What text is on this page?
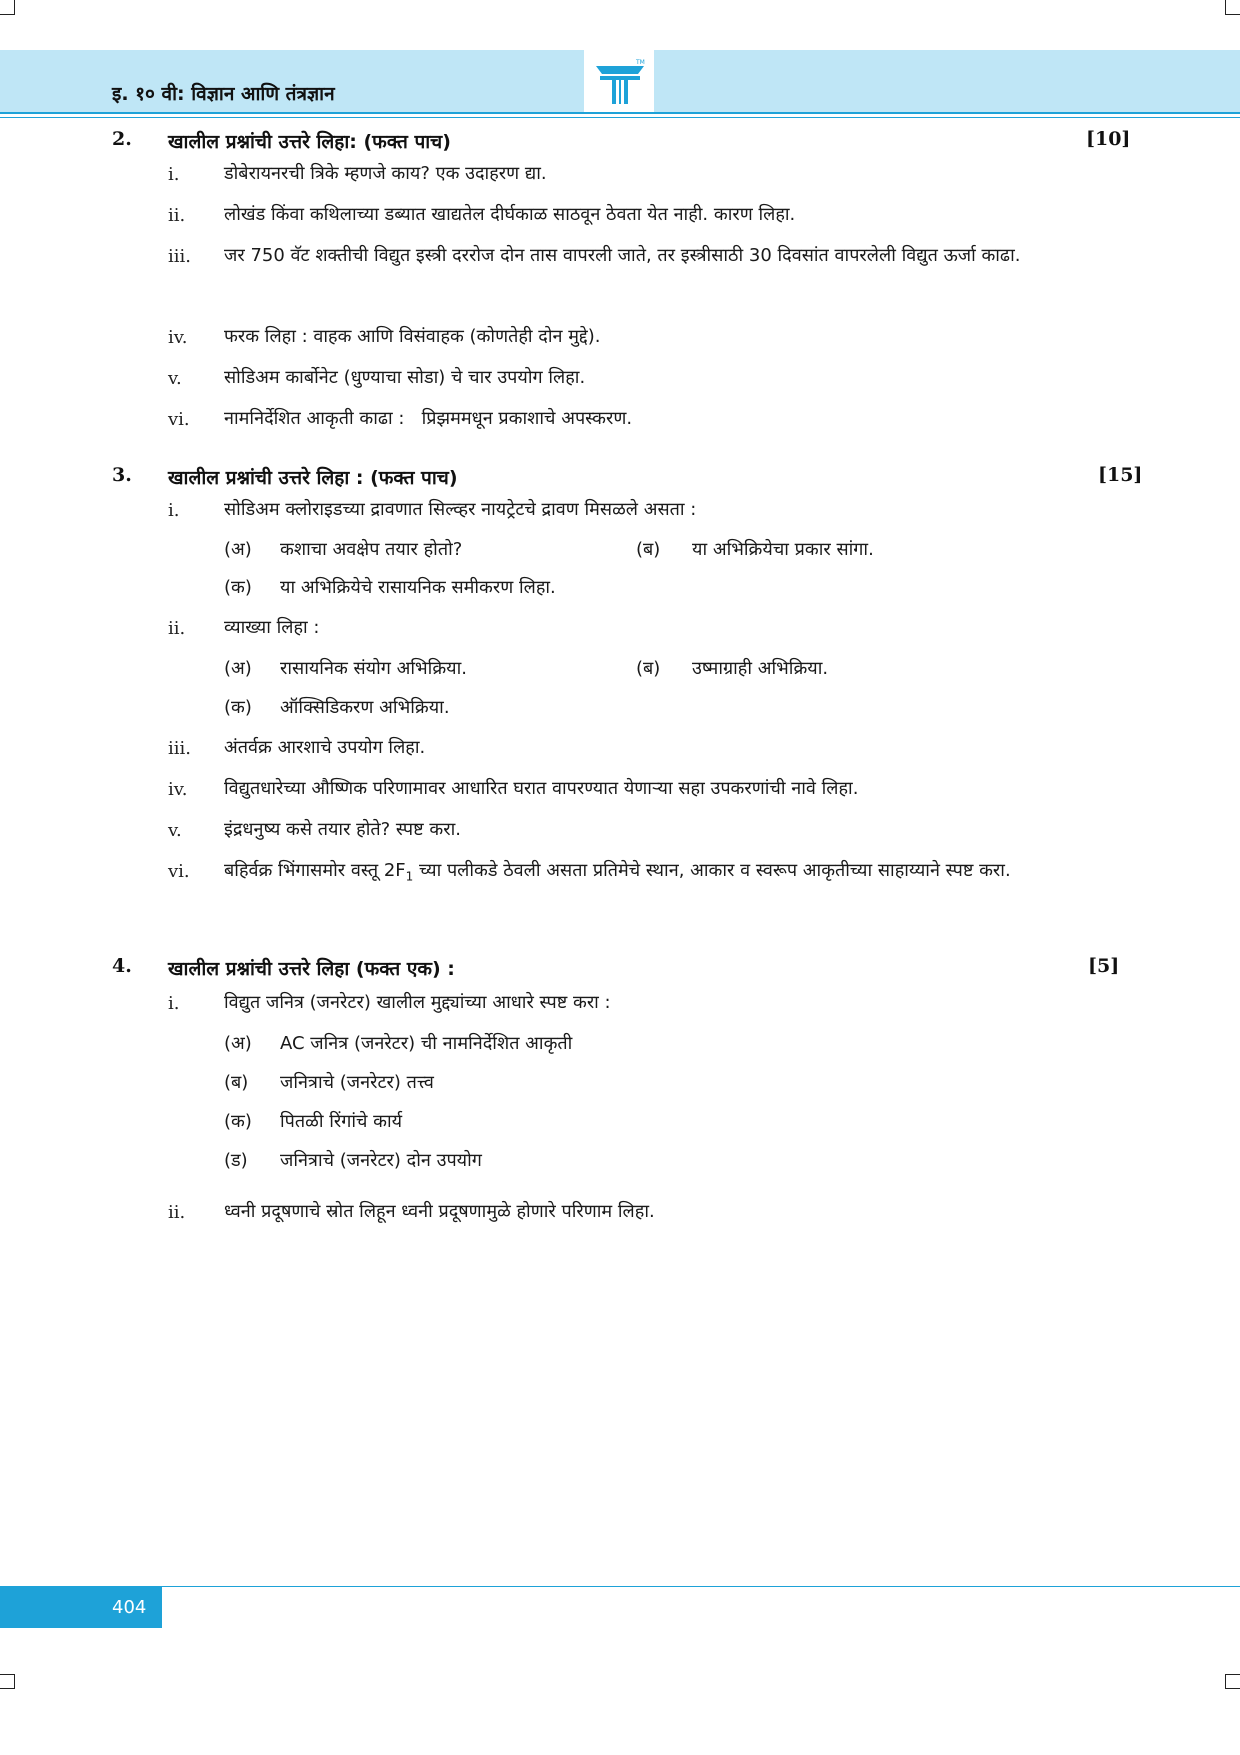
इ. १० वी: विज्ञान आणि तंत्रज्ञान
TM
2. खालील प्रश्नांची उत्तरे लिहा: (फक्त पाच)	[10]
i. डोबेरायनरची त्रिके म्हणजे काय? एक उदाहरण द्या.
ii. लोखंड किंवा कथिलाच्या डब्यात खाद्यतेल दीर्घकाळ साठवून ठेवता येत नाही. कारण लिहा.
iii. जर 750 वॅट शक्तीची विद्युत इस्त्री दररोज दोन तास वापरली जाते, तर इस्त्रीसाठी 30 दिवसांत वापरलेली विद्युत ऊर्जा काढा.
iv. फरक लिहा : वाहक आणि विसंवाहक (कोणतेही दोन मुद्दे).
v. सोडिअम कार्बोनेट (धुण्याचा सोडा) चे चार उपयोग लिहा.
vi. नामनिर्देशित आकृती काढा :   प्रिझममधून प्रकाशाचे अपस्करण.
3. खालील प्रश्नांची उत्तरे लिहा : (फक्त पाच)	[15]
i. सोडिअम क्लोराइडच्या द्रावणात सिल्व्हर नायट्रेटचे द्रावण मिसळले असता :
(अ) कशाचा अवक्षेप तयार होतो?	(ब) या अभिक्रियेचा प्रकार सांगा.
(क) या अभिक्रियेचे रासायनिक समीकरण लिहा.
ii. व्याख्या लिहा :
(अ) रासायनिक संयोग अभिक्रिया.	(ब) उष्माग्राही अभिक्रिया.
(क) ऑक्सिडिकरण अभिक्रिया.
iii. अंतर्वक्र आरशाचे उपयोग लिहा.
iv. विद्युतधारेच्या औष्णिक परिणामावर आधारित घरात वापरण्यात येणाऱ्या सहा उपकरणांची नावे लिहा.
v. इंद्रधनुष्य कसे तयार होते? स्पष्ट करा.
vi. बहिर्वक्र भिंगासमोर वस्तू $2F_1$ च्या पलीकडे ठेवली असता प्रतिमेचे स्थान, आकार व स्वरूप आकृतीच्या साहाय्याने स्पष्ट करा.
4. खालील प्रश्नांची उत्तरे लिहा (फक्त एक) :	[5]
i. विद्युत जनित्र (जनरेटर) खालील मुद्द्यांच्या आधारे स्पष्ट करा :
(अ) AC जनित्र (जनरेटर) ची नामनिर्देशित आकृती
(ब) जनित्राचे (जनरेटर) तत्त्व
(क) पितळी रिंगांचे कार्य
(ड) जनित्राचे (जनरेटर) दोन उपयोग
ii. ध्वनी प्रदूषणाचे स्रोत लिहून ध्वनी प्रदूषणामुळे होणारे परिणाम लिहा.
404
